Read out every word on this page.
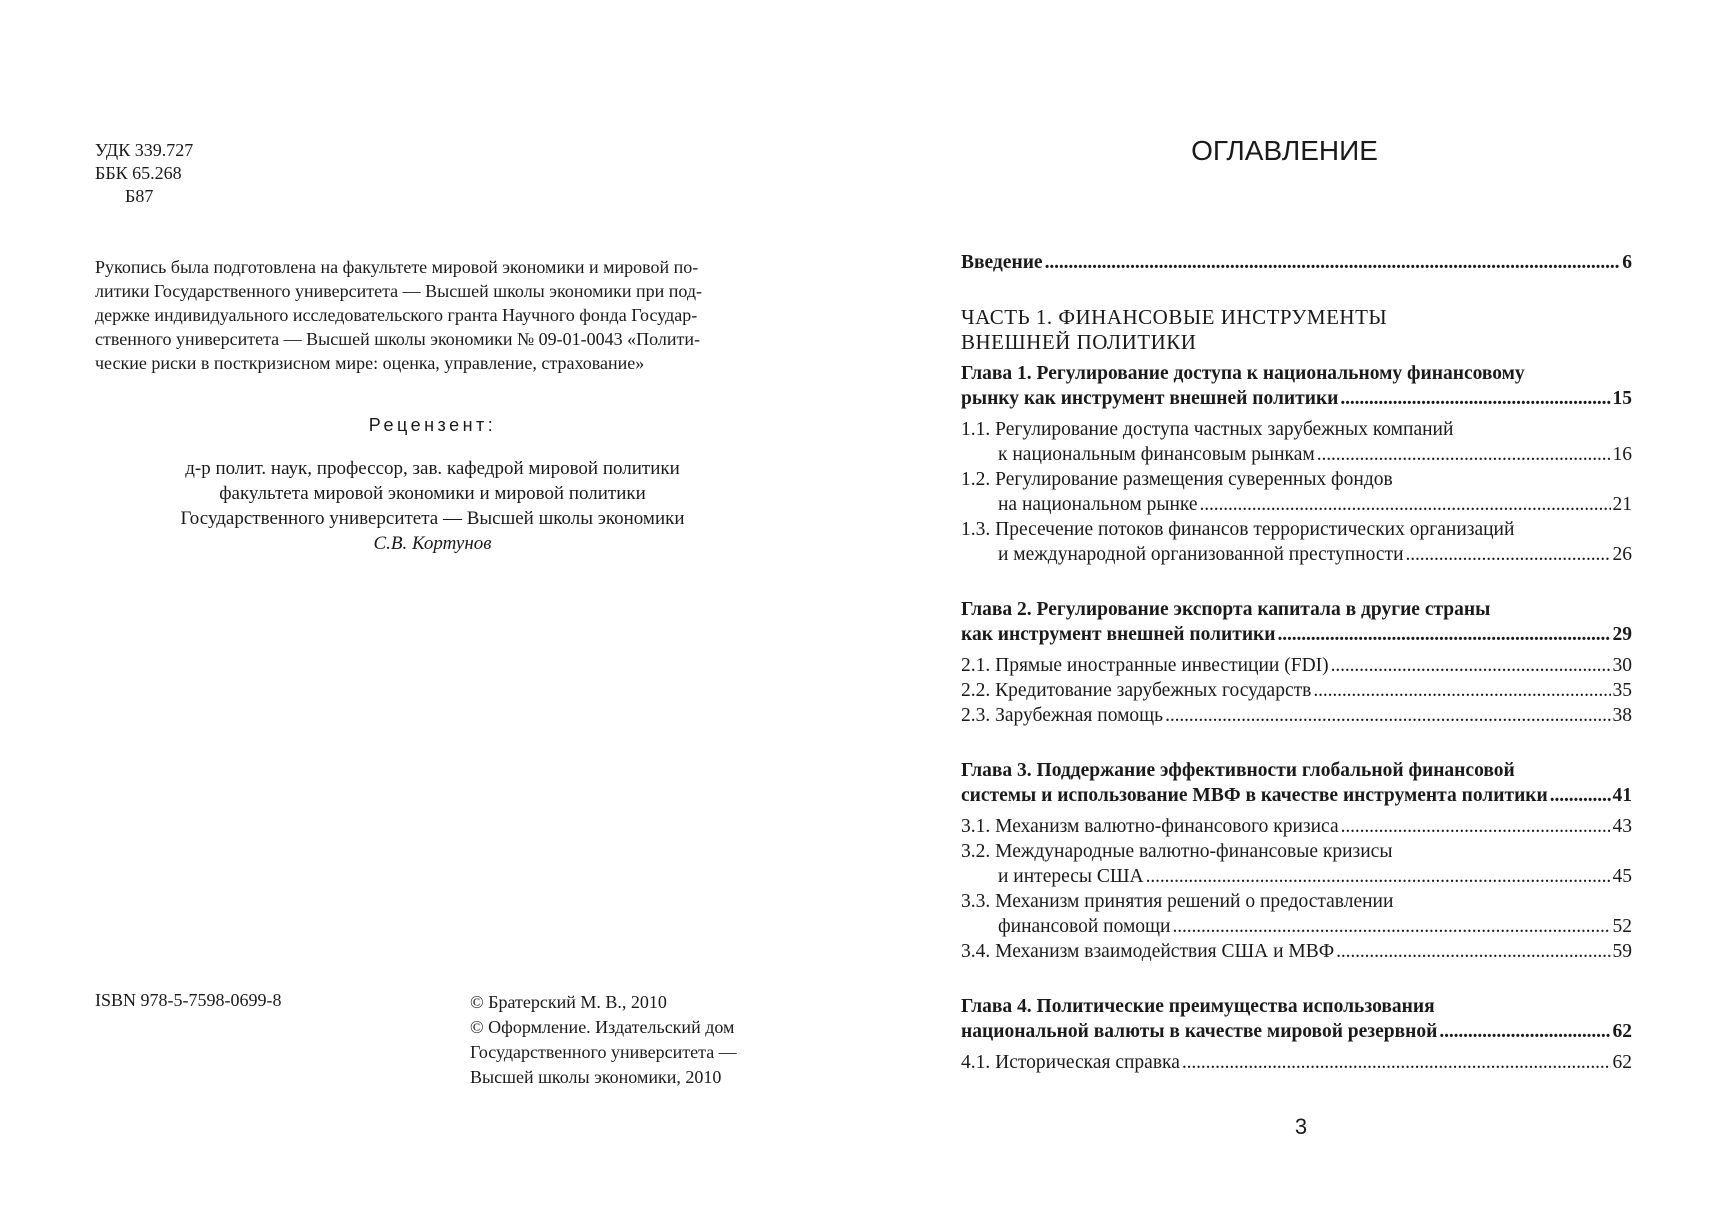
УДК 339.727
ББК 65.268
Б87
Рукопись была подготовлена на факультете мировой экономики и мировой по-
литики Государственного университета — Высшей школы экономики при под-
держке индивидуального исследовательского гранта Научного фонда Государ-
ственного университета — Высшей школы экономики № 09-01-0043 «Полити-
ческие риски в посткризисном мире: оценка, управление, страхование»
Рецензент:
д-р полит. наук, профессор, зав. кафедрой мировой политики
факультета мировой экономики и мировой политики
Государственного университета — Высшей школы экономики
С.В. Кортунов
ISBN 978-5-7598-0699-8	© Братерский М. В., 2010
© Оформление. Издательский дом
Государственного университета —
Высшей школы экономики, 2010
ОГЛАВЛЕНИЕ
Введение . . .	6
ЧАСТЬ 1. ФИНАНСОВЫЕ ИНСТРУМЕНТЫ
ВНЕШНЕЙ ПОЛИТИКИ
Глава 1. Регулирование доступа к национальному финансовому
рынку как инструмент внешней политики . . .	15
1.1. Регулирование доступа частных зарубежных компаний
к национальным финансовым рынкам . . .	16
1.2. Регулирование размещения суверенных фондов
на национальном рынке . . .	21
1.3. Пресечение потоков финансов террористических организаций
и международной организованной преступности . . .	26
Глава 2. Регулирование экспорта капитала в другие страны
как инструмент внешней политики . . .	29
2.1. Прямые иностранные инвестиции (FDI) . . .	30
2.2. Кредитование зарубежных государств . . .	35
2.3. Зарубежная помощь . . .	38
Глава 3. Поддержание эффективности глобальной финансовой
системы и использование МВФ в качестве инструмента политики . . .	41
3.1. Механизм валютно-финансового кризиса . . .	43
3.2. Международные валютно-финансовые кризисы
и интересы США . . .	45
3.3. Механизм принятия решений о предоставлении
финансовой помощи . . .	52
3.4. Механизм взаимодействия США и МВФ . . .	59
Глава 4. Политические преимущества использования
национальной валюты в качестве мировой резервной . . .	62
4.1. Историческая справка . . .	62
3
